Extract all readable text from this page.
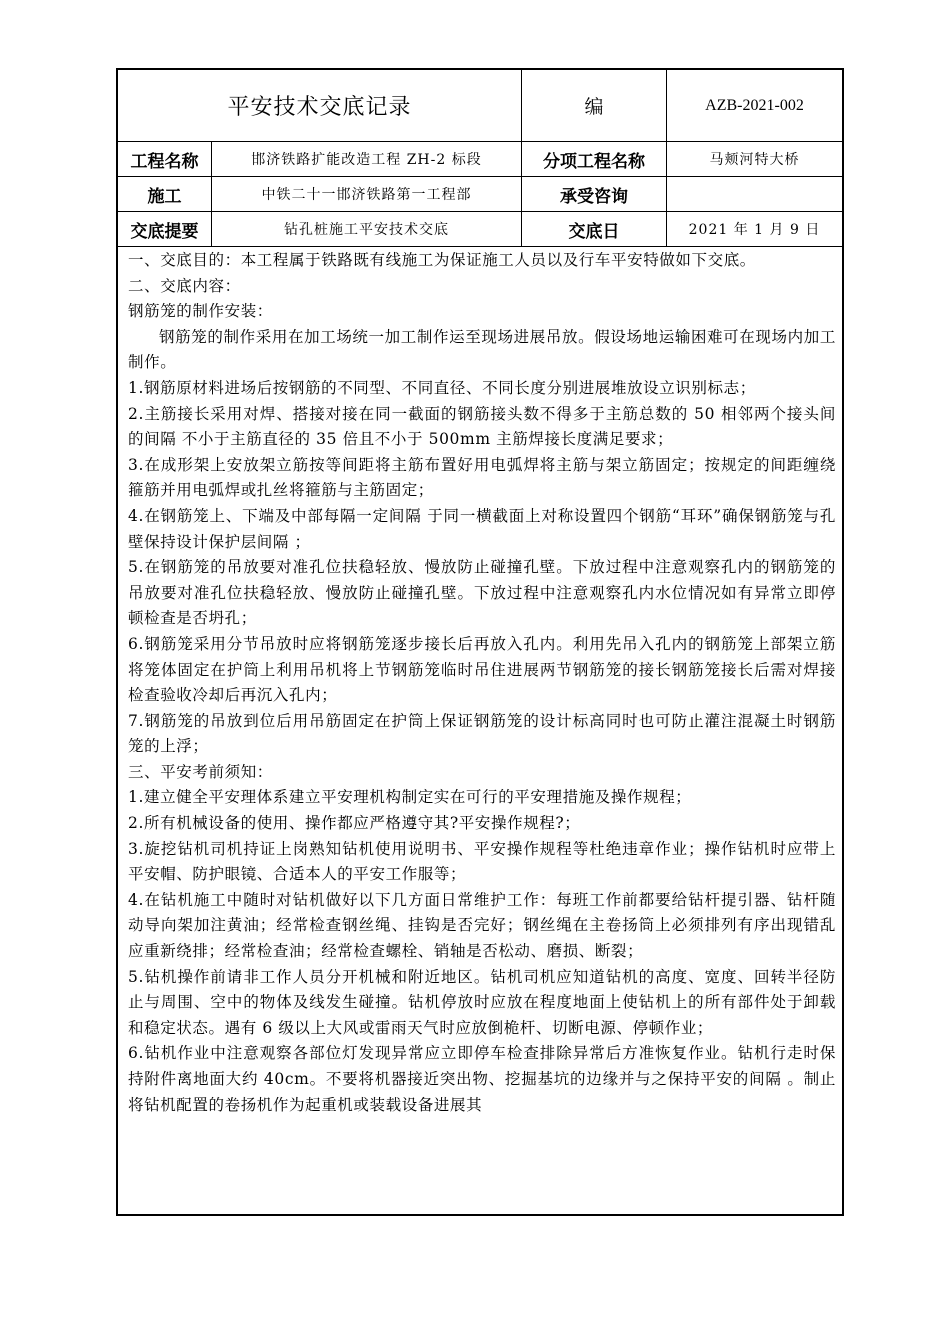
平安技术交底记录	编	AZB-2021-002
工程名称	邯济铁路扩能改造工程 ZH-2 标段	分项工程名称	马颊河特大桥
施工	中铁二十一邯济铁路第一工程部	承受咨询
交底提要	钻孔桩施工平安技术交底	交底日	2021 年 1 月 9 日

一、交底目的：本工程属于铁路既有线施工为保证施工人员以及行车平安特做如下交底。

二、交底内容：

钢筋笼的制作安装：

钢筋笼的制作采用在加工场统一加工制作运至现场进展吊放。假设场地运输困难可在现场内加工制作。

1.钢筋原材料进场后按钢筋的不同型、不同直径、不同长度分别进展堆放设立识别标志；

2.主筋接长采用对焊、搭接对接在同一截面的钢筋接头数不得多于主筋总数的 50 相邻两个接头间的间隔 不小于主筋直径的 35 倍且不小于 500mm 主筋焊接长度满足要求；

3.在成形架上安放架立筋按等间距将主筋布置好用电弧焊将主筋与架立筋固定；按规定的间距缠绕箍筋并用电弧焊或扎丝将箍筋与主筋固定；

4.在钢筋笼上、下端及中部每隔一定间隔 于同一横截面上对称设置四个钢筋“耳环”确保钢筋笼与孔壁保持设计保护层间隔 ；

5.在钢筋笼的吊放要对准孔位扶稳轻放、慢放防止碰撞孔壁。下放过程中注意观察孔内的钢筋笼的吊放要对准孔位扶稳轻放、慢放防止碰撞孔壁。下放过程中注意观察孔内水位情况如有异常立即停顿检查是否坍孔；

6.钢筋笼采用分节吊放时应将钢筋笼逐步接长后再放入孔内。利用先吊入孔内的钢筋笼上部架立筋将笼体固定在护筒上利用吊机将上节钢筋笼临时吊住进展两节钢筋笼的接长钢筋笼接长后需对焊接检查验收冷却后再沉入孔内；

7.钢筋笼的吊放到位后用吊筋固定在护筒上保证钢筋笼的设计标高同时也可防止灌注混凝土时钢筋笼的上浮；

三、平安考前须知：

1.建立健全平安理体系建立平安理机构制定实在可行的平安理措施及操作规程；

2.所有机械设备的使用、操作都应严格遵守其?平安操作规程?；

3.旋挖钻机司机持证上岗熟知钻机使用说明书、平安操作规程等杜绝违章作业；操作钻机时应带上平安帽、防护眼镜、合适本人的平安工作服等；

4.在钻机施工中随时对钻机做好以下几方面日常维护工作：每班工作前都要给钻杆提引器、钻杆随动导向架加注黄油；经常检查钢丝绳、挂钩是否完好；钢丝绳在主卷扬筒上必须排列有序出现错乱应重新绕排；经常检查油；经常检查螺栓、销轴是否松动、磨损、断裂；

5.钻机操作前请非工作人员分开机械和附近地区。钻机司机应知道钻机的高度、宽度、回转半径防止与周围、空中的物体及线发生碰撞。钻机停放时应放在程度地面上使钻机上的所有部件处于卸载和稳定状态。遇有 6 级以上大风或雷雨天气时应放倒桅杆、切断电源、停顿作业；

6.钻机作业中注意观察各部位灯发现异常应立即停车检查排除异常后方准恢复作业。钻机行走时保持附件离地面大约 40cm。不要将机器接近突出物、挖掘基坑的边缘并与之保持平安的间隔 。制止将钻机配置的卷扬机作为起重机或装载设备进展其
